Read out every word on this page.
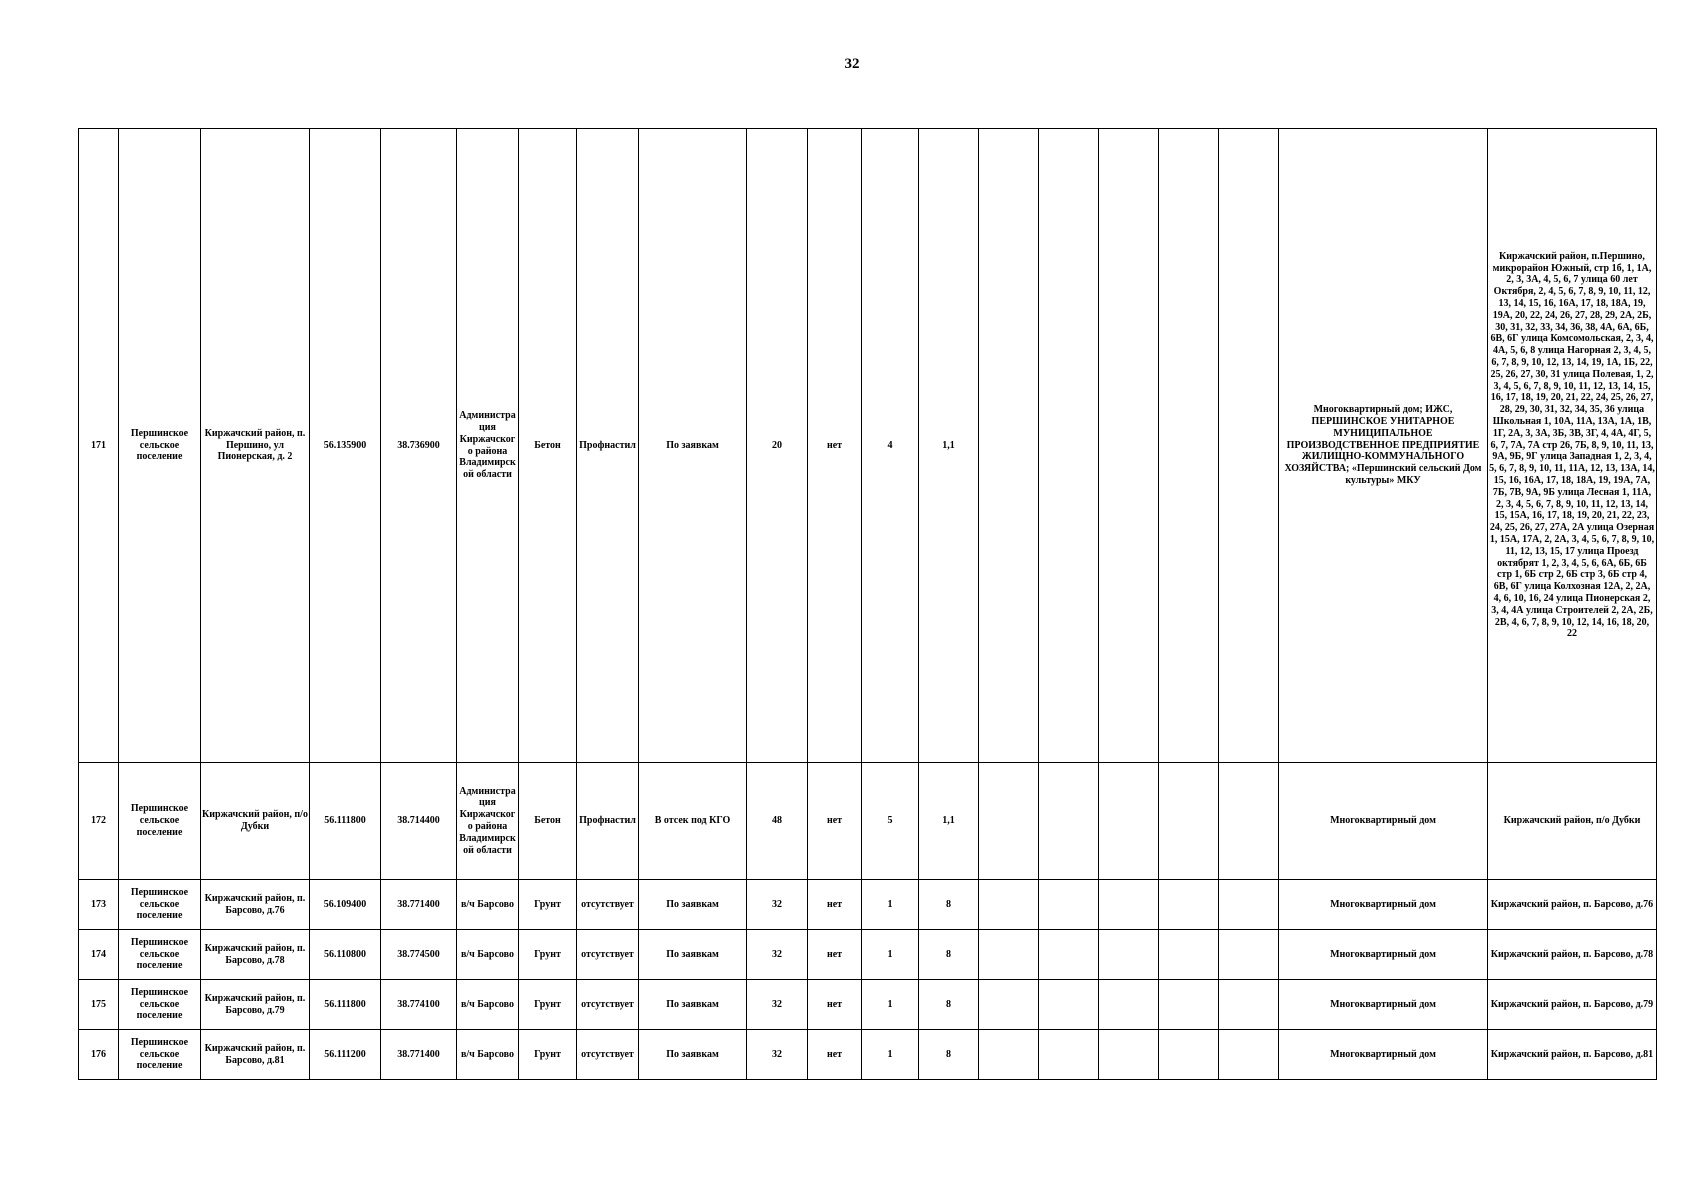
32
171	Першинское сельское поселение	Киржачский район, п. Першино, ул Пионерская, д. 2	56.135900	38.736900	Администрация Киржачского района Владимирской области	Бетон	Профнастил	По заявкам	20	нет	4	1,1						Многоквартирный дом; ИЖС, ПЕРШИНСКОЕ УНИТАРНОЕ МУНИЦИПАЛЬНОЕ ПРОИЗВОДСТВЕННОЕ ПРЕДПРИЯТИЕ ЖИЛИЩНО-КОММУНАЛЬНОГО ХОЗЯЙСТВА; «Першинский сельский Дом культуры» МКУ	Киржачский район, п.Першино, микрорайон Южный, стр 1б, 1, 1А, 2, 3, 3А, 4, 5, 6, 7 улица 60 лет Октября, 2, 4, 5, 6, 7, 8, 9, 10, 11, 12, 13, 14, 15, 16, 16А, 17, 18, 18А, 19, 19А, 20, 22, 24, 26, 27, 28, 29, 2А, 2Б, 30, 31, 32, 33, 34, 36, 38, 4А, 6А, 6Б, 6В, 6Г улица Комсомольская, 2, 3, 4, 4А, 5, 6, 8 улица Нагорная 2, 3, 4, 5, 6, 7, 8, 9, 10, 12, 13, 14, 19, 1А, 1Б, 22, 25, 26, 27, 30, 31 улица Полевая, 1, 2, 3, 4, 5, 6, 7, 8, 9, 10, 11, 12, 13, 14, 15, 16, 17, 18, 19, 20, 21, 22, 24, 25, 26, 27, 28, 29, 30, 31, 32, 34, 35, 36 улица Школьная 1, 10А, 11А, 13А, 1А, 1В, 1Г, 2А, 3, 3А, 3Б, 3В, 3Г, 4, 4А, 4Г, 5, 6, 7, 7А, 7А стр 26, 7Б, 8, 9, 10, 11, 13, 9А, 9Б, 9Г улица Западная 1, 2, 3, 4, 5, 6, 7, 8, 9, 10, 11, 11А, 12, 13, 13А, 14, 15, 16, 16А, 17, 18, 18А, 19, 19А, 7А, 7Б, 7В, 9А, 9Б улица Лесная 1, 11А, 2, 3, 4, 5, 6, 7, 8, 9, 10, 11, 12, 13, 14, 15, 15А, 16, 17, 18, 19, 20, 21, 22, 23, 24, 25, 26, 27, 27А, 2А улица Озерная 1, 15А, 17А, 2, 2А, 3, 4, 5, 6, 7, 8, 9, 10, 11, 12, 13, 15, 17 улица Проезд октябрят 1, 2, 3, 4, 5, 6, 6А, 6Б, 6Б стр 1, 6Б стр 2, 6Б стр 3, 6Б стр 4, 6В, 6Г улица Колхозная 12А, 2, 2А, 4, 6, 10, 16, 24 улица Пионерская 2, 3, 4, 4А улица Строителей 2, 2А, 2Б, 2В, 4, 6, 7, 8, 9, 10, 12, 14, 16, 18, 20, 22
172	Першинское сельское поселение	Киржачский район, п/о Дубки	56.111800	38.714400	Администрация Киржачского района Владимирской области	Бетон	Профнастил	В отсек под КГО	48	нет	5	1,1						Многоквартирный дом	Киржачский район, п/о Дубки
173	Першинское сельское поселение	Киржачский район, п. Барсово, д.76	56.109400	38.771400	в/ч Барсово	Грунт	отсутствует	По заявкам	32	нет	1	8						Многоквартирный дом	Киржачский район, п. Барсово, д.76
174	Першинское сельское поселение	Киржачский район, п. Барсово, д.78	56.110800	38.774500	в/ч Барсово	Грунт	отсутствует	По заявкам	32	нет	1	8						Многоквартирный дом	Киржачский район, п. Барсово, д.78
175	Першинское сельское поселение	Киржачский район, п. Барсово, д.79	56.111800	38.774100	в/ч Барсово	Грунт	отсутствует	По заявкам	32	нет	1	8						Многоквартирный дом	Киржачский район, п. Барсово, д.79
176	Першинское сельское поселение	Киржачский район, п. Барсово, д.81	56.111200	38.771400	в/ч Барсово	Грунт	отсутствует	По заявкам	32	нет	1	8						Многоквартирный дом	Киржачский район, п. Барсово, д.81
